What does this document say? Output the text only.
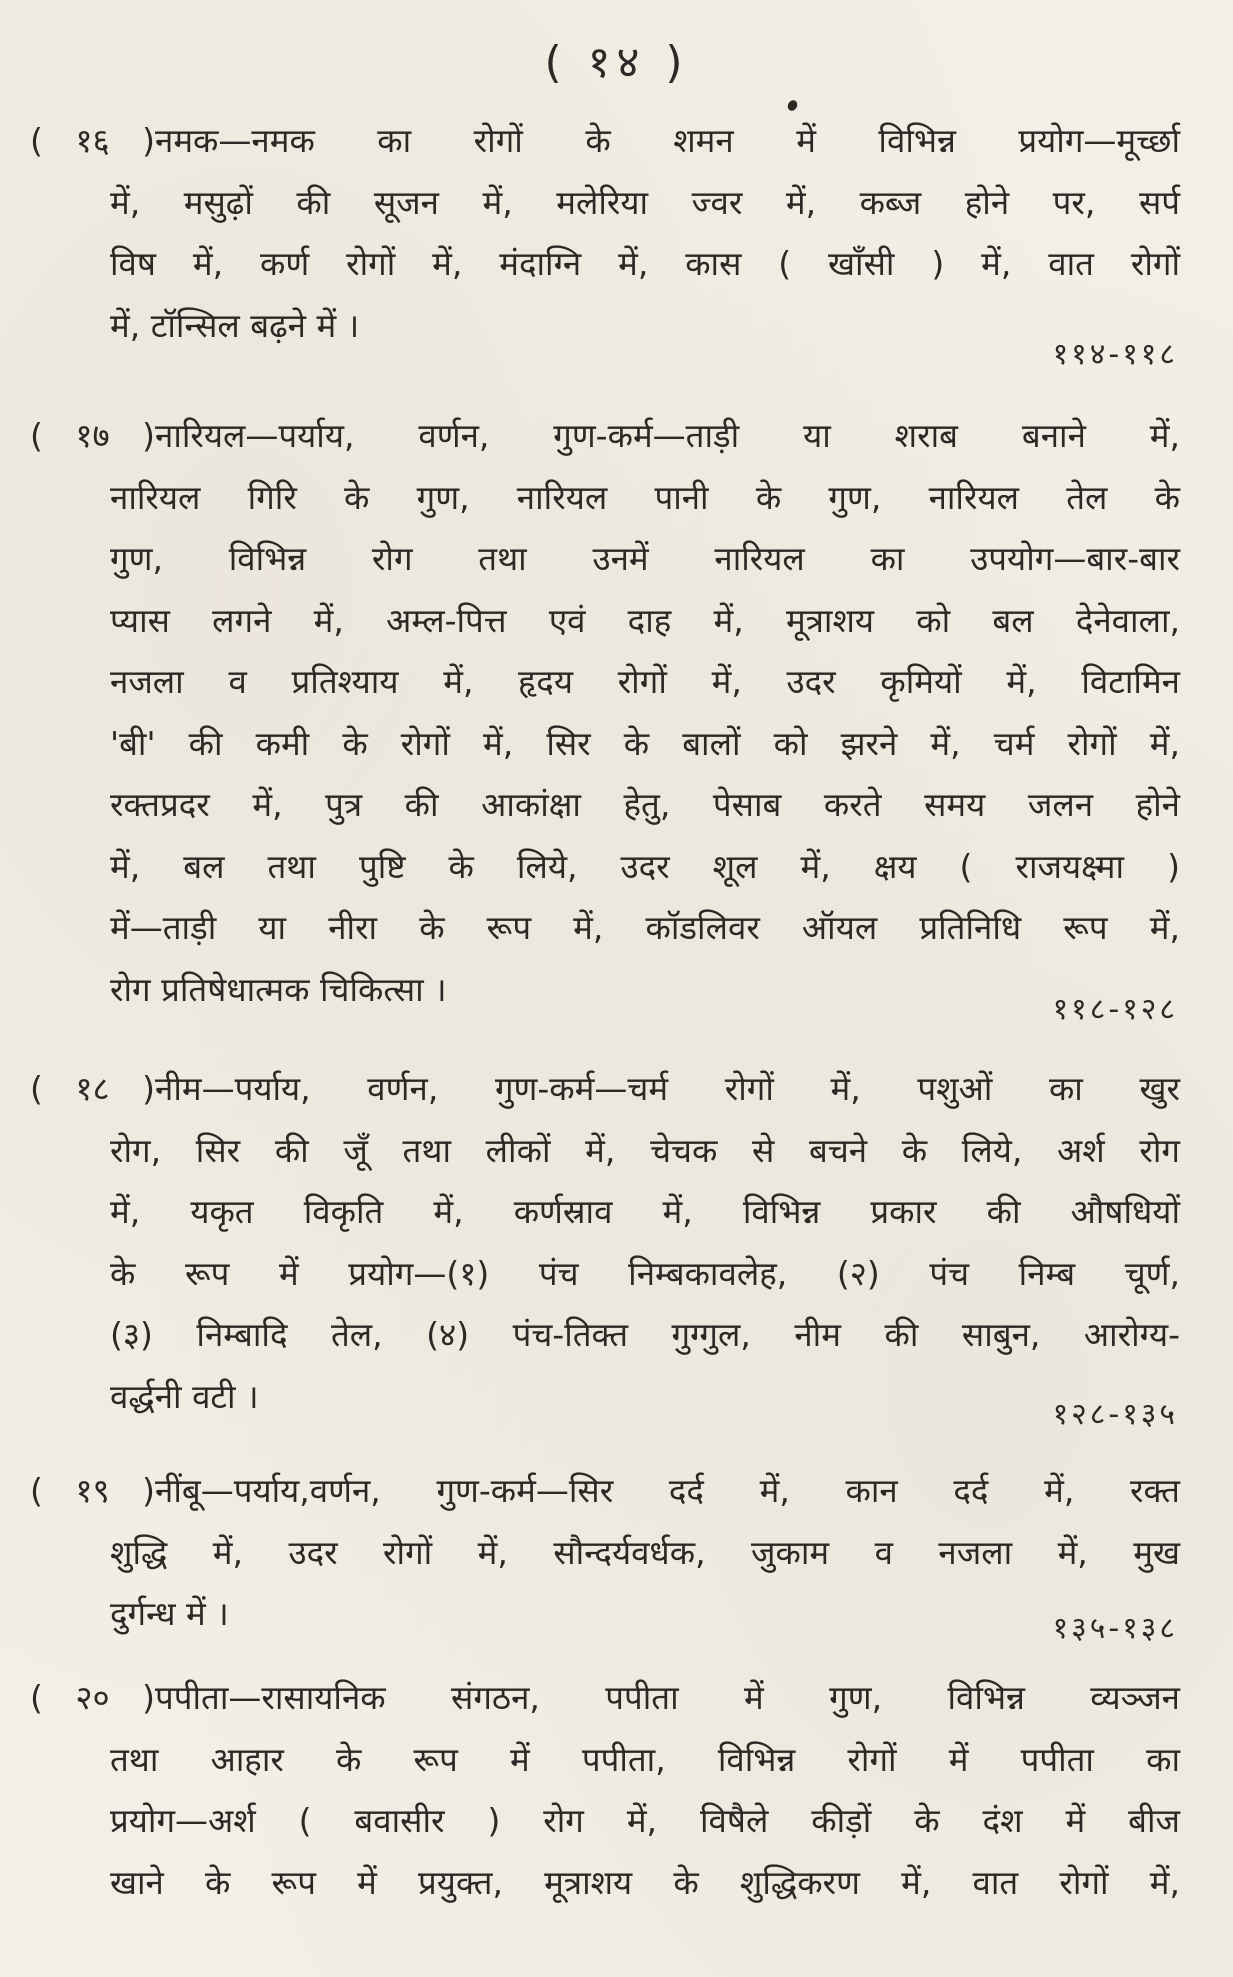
( १४ )
( १६ )नमक—नमक का रोगों के शमन में विभिन्न प्रयोग—मूर्च्छा
में, मसुढ़ों की सूजन में, मलेरिया ज्वर में, कब्ज होने पर, सर्प
विष में, कर्ण रोगों में, मंदाग्नि में, कास ( खाँसी ) में, वात रोगों
में, टॉन्सिल बढ़ने में ।
११४-११८
( १७ )नारियल—पर्याय, वर्णन, गुण-कर्म—ताड़ी या शराब बनाने में,
नारियल गिरि के गुण, नारियल पानी के गुण, नारियल तेल के
गुण, विभिन्न रोग तथा उनमें नारियल का उपयोग—बार-बार
प्यास लगने में, अम्ल-पित्त एवं दाह में, मूत्राशय को बल देनेवाला,
नजला व प्रतिश्याय में, हृदय रोगों में, उदर कृमियों में, विटामिन
'बी' की कमी के रोगों में, सिर के बालों को झरने में, चर्म रोगों में,
रक्तप्रदर में, पुत्र की आकांक्षा हेतु, पेसाब करते समय जलन होने
में, बल तथा पुष्टि के लिये, उदर शूल में, क्षय ( राजयक्ष्मा )
में—ताड़ी या नीरा के रूप में, कॉडलिवर ऑयल प्रतिनिधि रूप में,
रोग प्रतिषेधात्मक चिकित्सा ।
११८-१२८
( १८ )नीम—पर्याय, वर्णन, गुण-कर्म—चर्म रोगों में, पशुओं का खुर
रोग, सिर की जूँ तथा लीकों में, चेचक से बचने के लिये, अर्श रोग
में, यकृत विकृति में, कर्णस्राव में, विभिन्न प्रकार की औषधियों
के रूप में प्रयोग—(१) पंच निम्बकावलेह, (२) पंच निम्ब चूर्ण,
(३) निम्बादि तेल, (४) पंच-तिक्त गुग्गुल, नीम की साबुन, आरोग्य-
वर्द्धनी वटी ।	१२८-१३५
( १९ )नींबू—पर्याय,वर्णन, गुण-कर्म—सिर दर्द में, कान दर्द में, रक्त
शुद्धि में, उदर रोगों में, सौन्दर्यवर्धक, जुकाम व नजला में, मुख
दुर्गन्ध में ।	१३५-१३८
( २० )पपीता—रासायनिक संगठन, पपीता में गुण, विभिन्न व्यञ्जन
तथा आहार के रूप में पपीता, विभिन्न रोगों में पपीता का
प्रयोग—अर्श ( बवासीर ) रोग में, विषैले कीड़ों के दंश में बीज
खाने के रूप में प्रयुक्त, मूत्राशय के शुद्धिकरण में, वात रोगों में,
